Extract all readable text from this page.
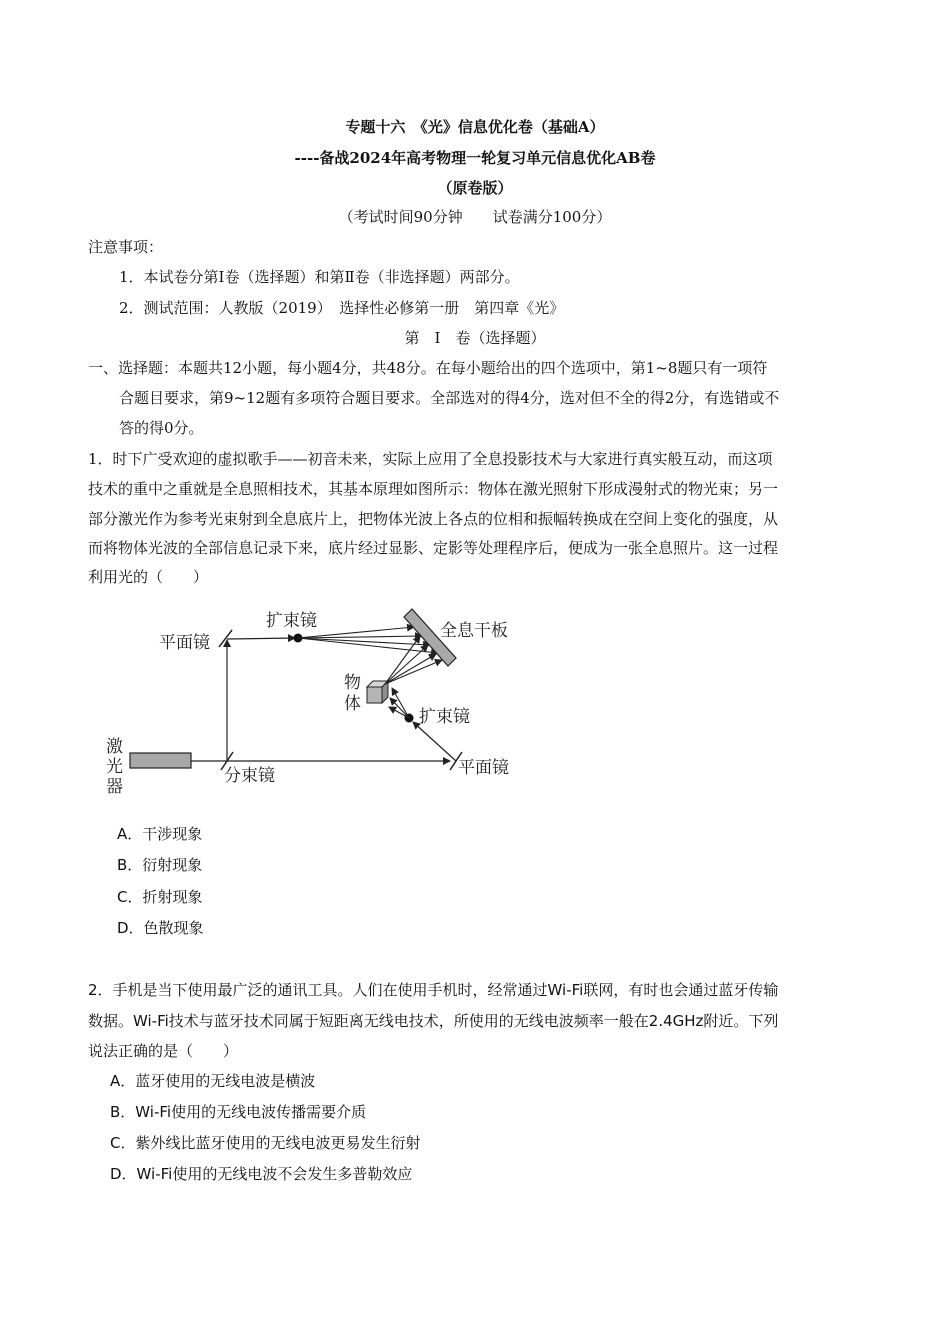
专题十六　《光》信息优化卷（基础A）
----备战2024年高考物理一轮复习单元信息优化AB卷
（原卷版）
（考试时间90分钟　　试卷满分100分）
注意事项：
1．本试卷分第Ⅰ卷（选择题）和第Ⅱ卷（非选择题）两部分。
2．测试范围：人教版（2019）　选择性必修第一册　第四章《光》
第　Ⅰ　卷（选择题）
一、选择题：本题共12小题，每小题4分，共48分。在每小题给出的四个选项中，第1~8题只有一项符
合题目要求，第9~12题有多项符合题目要求。全部选对的得4分，选对但不全的得2分，有选错或不
答的得0分。
1．时下广受欢迎的虚拟歌手——初音未来，实际上应用了全息投影技术与大家进行真实般互动，而这项
技术的重中之重就是全息照相技术，其基本原理如图所示：物体在激光照射下形成漫射式的物光束；另一
部分激光作为参考光束射到全息底片上，把物体光波上各点的位相和振幅转换成在空间上变化的强度，从
而将物体光波的全部信息记录下来，底片经过显影、定影等处理程序后，便成为一张全息照片。这一过程
利用光的（　　）
平面镜
扩束镜	全息干板
物
体
扩束镜
激
光
器
分束镜	平面镜
A．干涉现象
B．衍射现象
C．折射现象
D．色散现象
2．手机是当下使用最广泛的通讯工具。人们在使用手机时，经常通过Wi-Fi联网，有时也会通过蓝牙传输
数据。Wi-Fi技术与蓝牙技术同属于短距离无线电技术，所使用的无线电波频率一般在2.4GHz附近。下列
说法正确的是（　　）
A．蓝牙使用的无线电波是横波
B．Wi-Fi使用的无线电波传播需要介质
C．紫外线比蓝牙使用的无线电波更易发生衍射
D．Wi-Fi使用的无线电波不会发生多普勒效应
